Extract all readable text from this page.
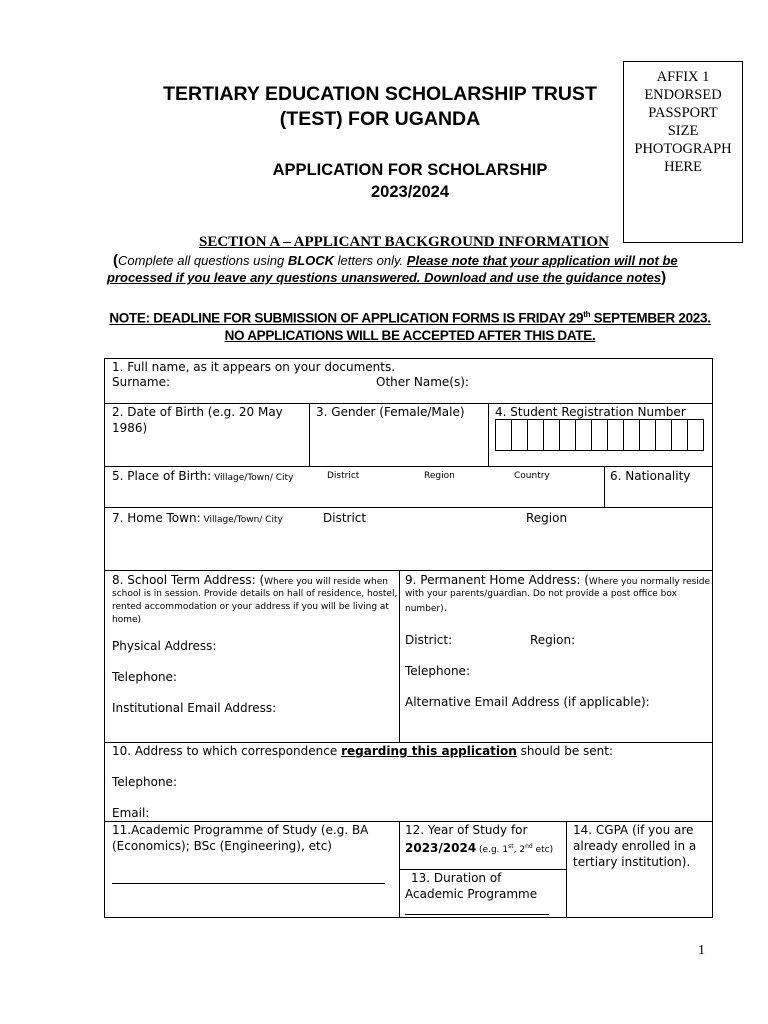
AFFIX 1
ENDORSED
PASSPORT
SIZE
PHOTOGRAPH
HERE
TERTIARY EDUCATION SCHOLARSHIP TRUST
(TEST) FOR UGANDA
APPLICATION FOR SCHOLARSHIP
2023/2024
SECTION A – APPLICANT BACKGROUND INFORMATION
(Complete all questions using BLOCK letters only. Please note that your application will not be
processed if you leave any questions unanswered. Download and use the guidance notes)
NOTE: DEADLINE FOR SUBMISSION OF APPLICATION FORMS IS FRIDAY 29th SEPTEMBER 2023.
NO APPLICATIONS WILL BE ACCEPTED AFTER THIS DATE.
1. Full name, as it appears on your documents.
Surname:	Other Name(s):
2. Date of Birth (e.g. 20 May
1986)
3. Gender (Female/Male)	4. Student Registration Number
5. Place of Birth: Village/Town/ City	District	Region	Country	6. Nationality
7. Home Town: Village/Town/ City	District	Region
8. School Term Address: (Where you will reside when
school is in session. Provide details on hall of residence, hostel,
rented accommodation or your address if you will be living at
home)
Physical Address:
Telephone:
Institutional Email Address:
9. Permanent Home Address: (Where you normally reside
with your parents/guardian. Do not provide a post office box
number).
District:	Region:
Telephone:
Alternative Email Address (if applicable):
10. Address to which correspondence regarding this application should be sent:
Telephone:
Email:
11.Academic Programme of Study (e.g. BA
(Economics); BSc (Engineering), etc)
12. Year of Study for
2023/2024 (e.g. 1st, 2nd etc)
13. Duration of
Academic Programme
14. CGPA (if you are
already enrolled in a
tertiary institution).
1
